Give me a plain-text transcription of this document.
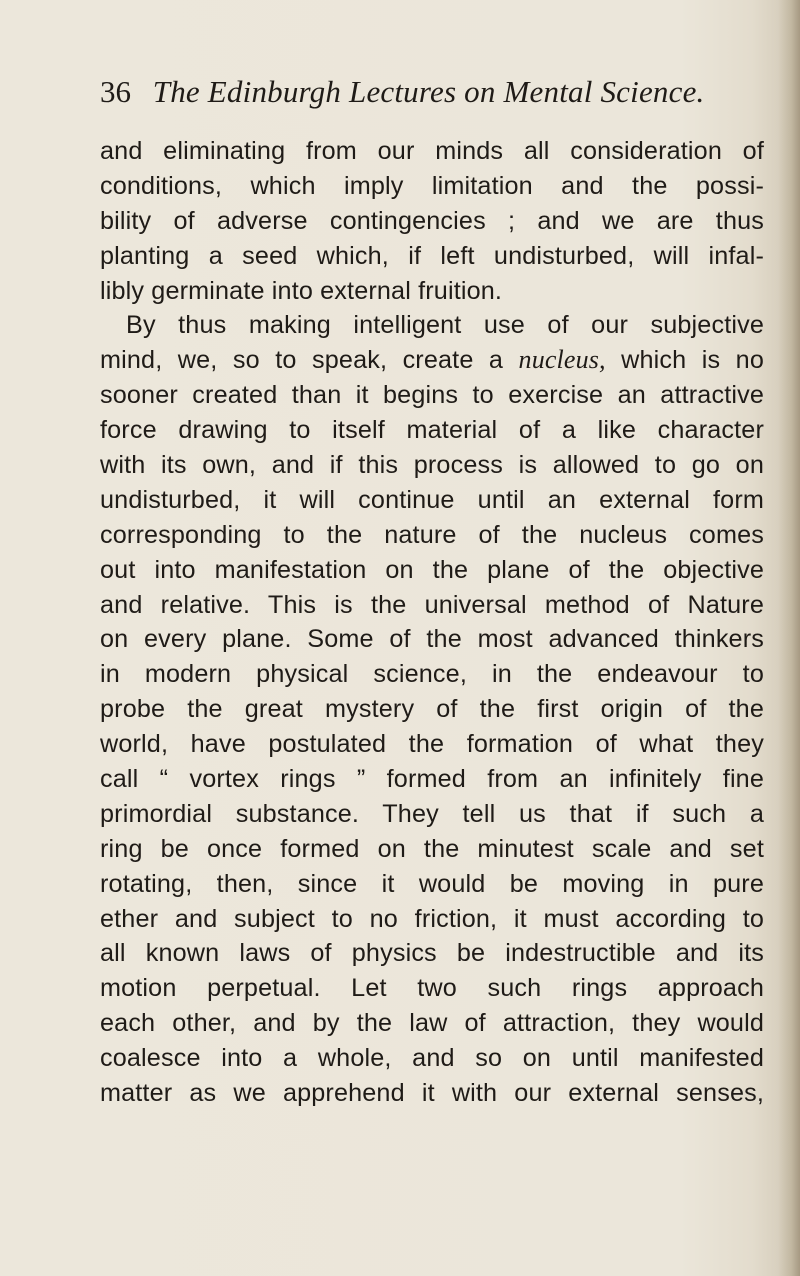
36 The Edinburgh Lectures on Mental Science.
and eliminating from our minds all consideration of
conditions, which imply limitation and the possi-
bility of adverse contingencies ; and we are thus
planting a seed which, if left undisturbed, will infal-
libly germinate into external fruition.
By thus making intelligent use of our subjective
mind, we, so to speak, create a nucleus, which is no
sooner created than it begins to exercise an attractive
force drawing to itself material of a like character
with its own, and if this process is allowed to go on
undisturbed, it will continue until an external form
corresponding to the nature of the nucleus comes
out into manifestation on the plane of the objective
and relative. This is the universal method of Nature
on every plane. Some of the most advanced thinkers
in modern physical science, in the endeavour to
probe the great mystery of the first origin of the
world, have postulated the formation of what they
call “ vortex rings ” formed from an infinitely fine
primordial substance. They tell us that if such a
ring be once formed on the minutest scale and set
rotating, then, since it would be moving in pure
ether and subject to no friction, it must according to
all known laws of physics be indestructible and its
motion perpetual. Let two such rings approach
each other, and by the law of attraction, they would
coalesce into a whole, and so on until manifested
matter as we apprehend it with our external senses,
